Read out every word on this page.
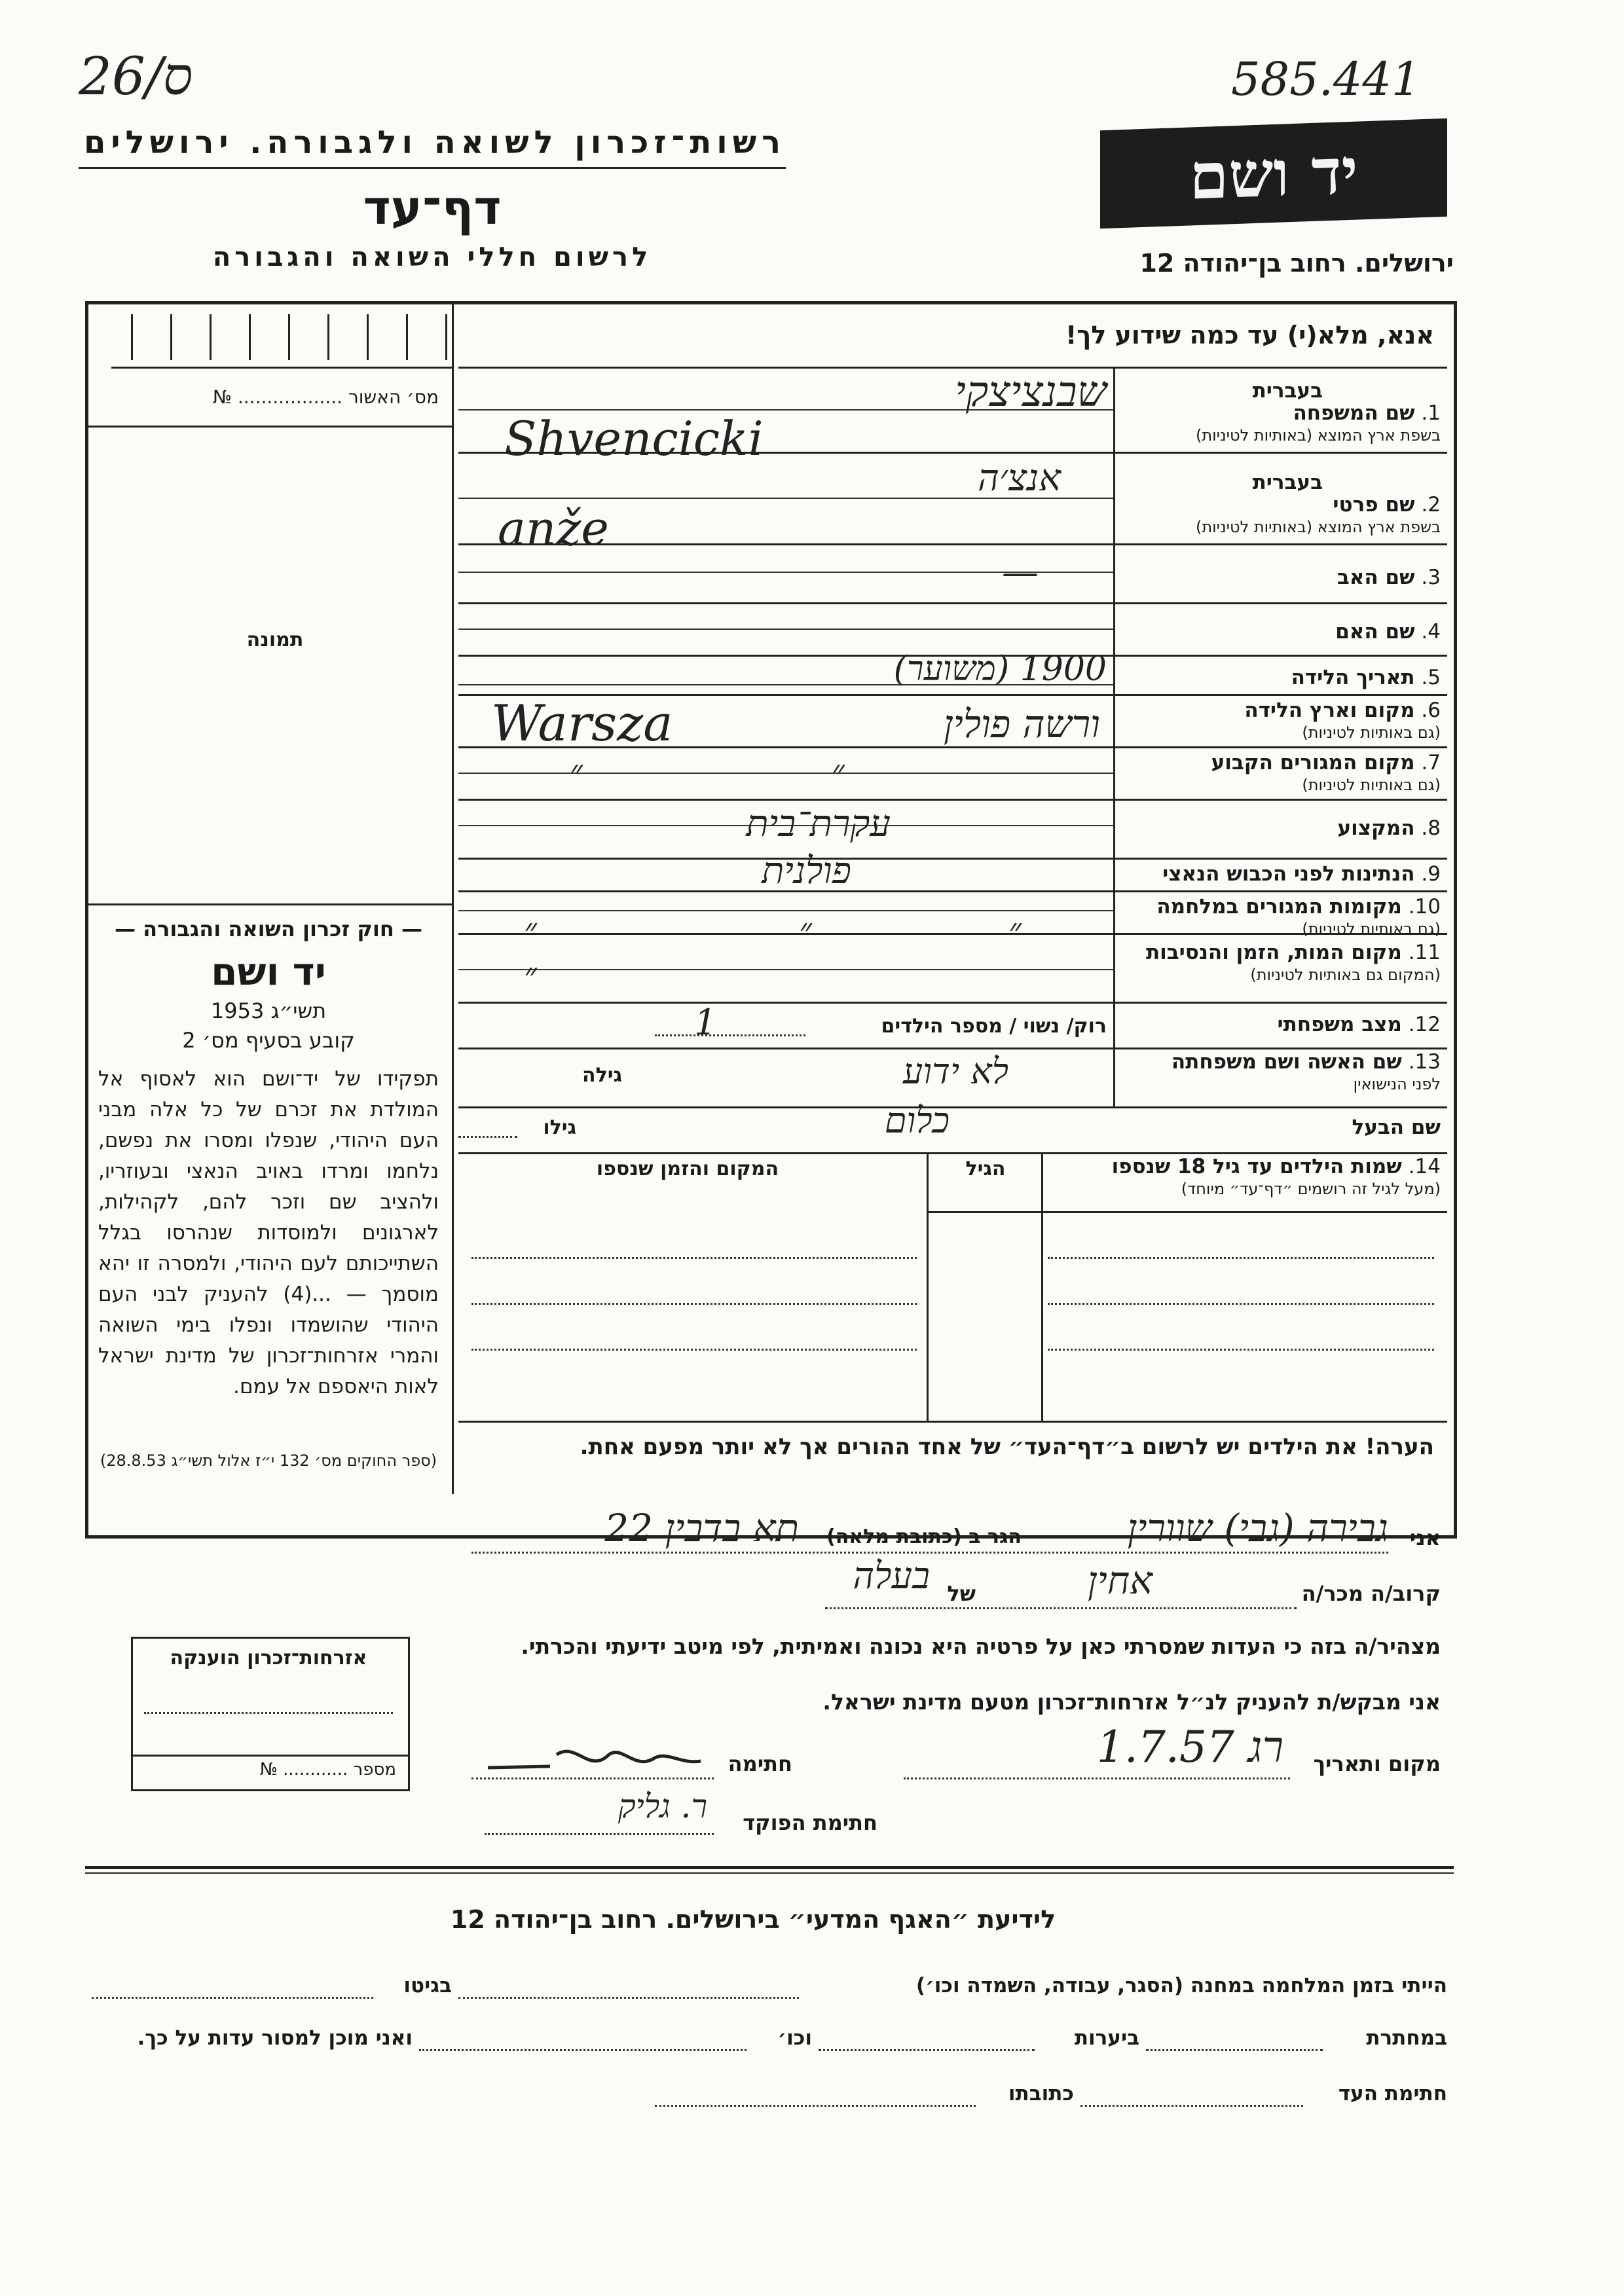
26/ס	585.441
רשות־זכרון לשואה ולגבורה. ירושלים
דף־עד
לרשום חללי השואה והגבורה
יד ושם
ירושלים. רחוב בן־יהודה 12
אנא, מלא(י) עד כמה שידוע לך!
מס׳ האשור .................. №
תמונה
— חוק זכרון השואה והגבורה —
יד ושם
תשי״ג 1953
קובע בסעיף מס׳ 2
תפקידו של יד־ושם הוא לאסוף אל המולדת את זכרם של כל אלה מבני העם היהודי, שנפלו ומסרו את נפשם, נלחמו ומרדו באויב הנאצי ובעוזריו, ולהציב שם וזכר להם, לקהילות, לארגונים ולמוסדות שנהרסו בגלל השתייכותם לעם היהודי, ולמסרה זו יהא מוסמך — ...(4) להעניק לבני העם היהודי שהושמדו ונפלו בימי השואה והמרי אזרחות־זכרון של מדינת ישראל לאות היאספם אל עמם.
(ספר החוקים מס׳ 132 י״ז אלול תשי״ג 28.8.53)
בעברית
1. שם המשפחה
בשפת ארץ המוצא (באותיות לטיניות)
שבנציצקי
Shvencicki
בעברית
2. שם פרטי
בשפת ארץ המוצא (באותיות לטיניות)
אנצ׳ה
anže
3. שם האב
—
4. שם האם
5. תאריך הלידה
1900 (משוער)
6. מקום וארץ הלידה
(גם באותיות לטיניות)
Warsza	ורשה פולין
7. מקום המגורים הקבוע
(גם באותיות לטיניות)
״	״
8. המקצוע
עקרת־בית
9. הנתינות לפני הכבוש הנאצי
פולנית
10. מקומות המגורים במלחמה
(גם באותיות לטיניות)
״	״	״
11. מקום המות, הזמן והנסיבות
(המקום גם באותיות לטיניות)
״
12. מצב משפחתי
רוק/ נשוי / מספר הילדים
1
13. שם האשה ושם משפחתה
לפני הנישואין
גילה	לא ידוע
שם הבעל
גילו	כלום
14. שמות הילדים עד גיל 18 שנספו
(מעל לגיל זה רושמים ״דף־עד״ מיוחד)
הגיל
המקום והזמן שנספו
הערה! את הילדים יש לרשום ב״דף־העד״ של אחד ההורים אך לא יותר מפעם אחת.
אזרחות־זכרון הוענקה
מספר ............ №
אני
גבירה (גבי) שוורין
הגר ב (כתובת מלאה)
תא בדבין 22
קרוב/ה מכר/ה
אחין
של
בעלה
מצהיר/ה בזה כי העדות שמסרתי כאן על פרטיה היא נכונה ואמיתית, לפי מיטב ידיעתי והכרתי.
אני מבקש/ת להעניק לנ״ל אזרחות־זכרון מטעם מדינת ישראל.
מקום ותאריך
רג 1.7.57
חתימה
חתימת הפוקד
ר. גליק
לידיעת ״האגף המדעי״ בירושלים. רחוב בן־יהודה 12
הייתי בזמן המלחמה במחנה (הסגר, עבודה, השמדה וכו׳)
בגיטו
במחתרת
ביערות
וכו׳
ואני מוכן למסור עדות על כך.
חתימת העד
כתובתו
